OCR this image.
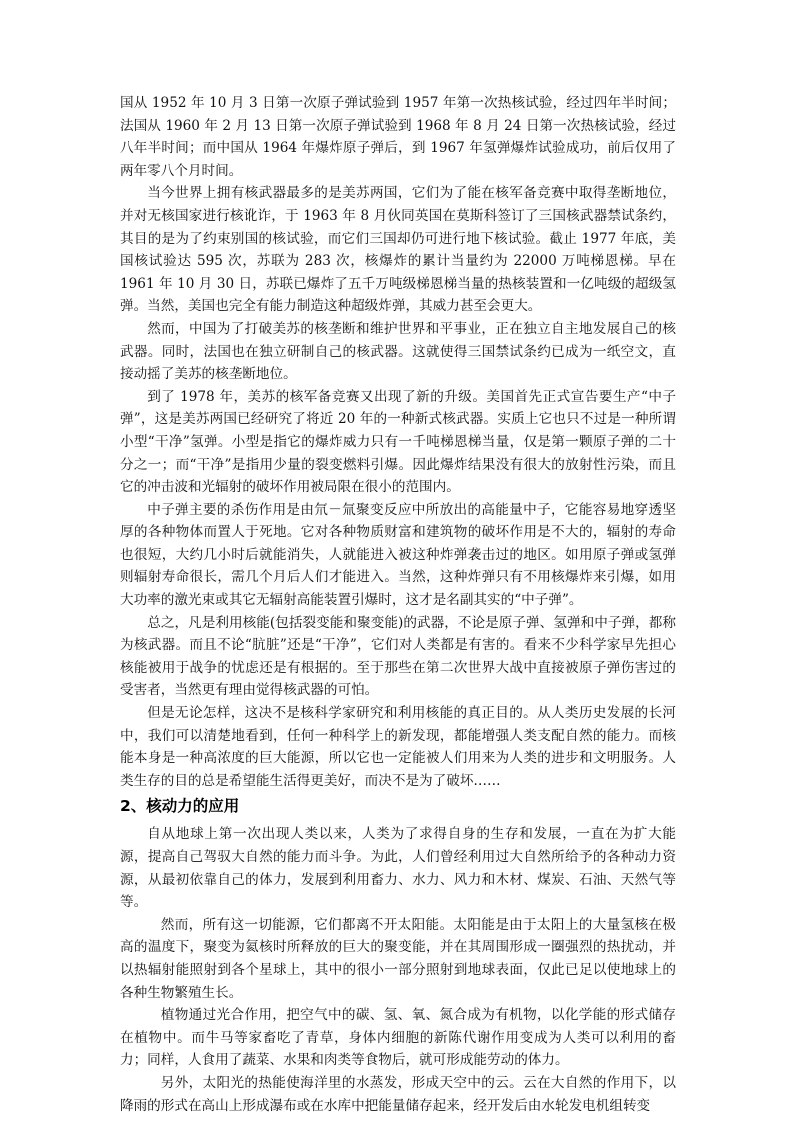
国从 1952 年 10 月 3 日第一次原子弹试验到 1957 年第一次热核试验，经过四年半时间；法国从 1960 年 2 月 13 日第一次原子弹试验到 1968 年 8 月 24 日第一次热核试验，经过八年半时间；而中国从 1964 年爆炸原子弹后，到 1967 年氢弹爆炸试验成功，前后仅用了两年零八个月时间。

当今世界上拥有核武器最多的是美苏两国，它们为了能在核军备竞赛中取得垄断地位，并对无核国家进行核讹诈，于 1963 年 8 月伙同英国在莫斯科签订了三国核武器禁试条约，其目的是为了约束别国的核试验，而它们三国却仍可进行地下核试验。截止 1977 年底，美国核试验达 595 次，苏联为 283 次，核爆炸的累计当量约为 22000 万吨梯恩梯。早在 1961 年 10 月 30 日，苏联已爆炸了五千万吨级梯恩梯当量的热核装置和一亿吨级的超级氢弹。当然，美国也完全有能力制造这种超级炸弹，其威力甚至会更大。

然而，中国为了打破美苏的核垄断和维护世界和平事业，正在独立自主地发展自己的核武器。同时，法国也在独立研制自己的核武器。这就使得三国禁试条约已成为一纸空文，直接动摇了美苏的核垄断地位。

到了 1978 年，美苏的核军备竞赛又出现了新的升级。美国首先正式宣告要生产“中子弹”，这是美苏两国已经研究了将近 20 年的一种新式核武器。实质上它也只不过是一种所谓小型“干净”氢弹。小型是指它的爆炸威力只有一千吨梯恩梯当量，仅是第一颗原子弹的二十分之一；而“干净”是指用少量的裂变燃料引爆。因此爆炸结果没有很大的放射性污染，而且它的冲击波和光辐射的破坏作用被局限在很小的范围内。

中子弹主要的杀伤作用是由氘－氚聚变反应中所放出的高能量中子，它能容易地穿透坚厚的各种物体而置人于死地。它对各种物质财富和建筑物的破坏作用是不大的，辐射的寿命也很短，大约几小时后就能消失，人就能进入被这种炸弹袭击过的地区。如用原子弹或氢弹则辐射寿命很长，需几个月后人们才能进入。当然，这种炸弹只有不用核爆炸来引爆，如用大功率的激光束或其它无辐射高能装置引爆时，这才是名副其实的“中子弹”。

总之，凡是利用核能(包括裂变能和聚变能)的武器，不论是原子弹、氢弹和中子弹，都称为核武器。而且不论“肮脏”还是“干净”，它们对人类都是有害的。看来不少科学家早先担心核能被用于战争的忧虑还是有根据的。至于那些在第二次世界大战中直接被原子弹伤害过的受害者，当然更有理由觉得核武器的可怕。

但是无论怎样，这决不是核科学家研究和利用核能的真正目的。从人类历史发展的长河中，我们可以清楚地看到，任何一种科学上的新发现，都能增强人类支配自然的能力。而核能本身是一种高浓度的巨大能源，所以它也一定能被人们用来为人类的进步和文明服务。人类生存的目的总是希望能生活得更美好，而决不是为了破坏……

2、核动力的应用

自从地球上第一次出现人类以来，人类为了求得自身的生存和发展，一直在为扩大能源，提高自己驾驭大自然的能力而斗争。为此，人们曾经利用过大自然所给予的各种动力资源，从最初依靠自己的体力，发展到利用畜力、水力、风力和木材、煤炭、石油、天然气等等。

然而，所有这一切能源，它们都离不开太阳能。太阳能是由于太阳上的大量氢核在极高的温度下，聚变为氦核时所释放的巨大的聚变能，并在其周围形成一圈强烈的热扰动，并以热辐射能照射到各个星球上，其中的很小一部分照射到地球表面，仅此已足以使地球上的各种生物繁殖生长。

植物通过光合作用，把空气中的碳、氢、氧、氮合成为有机物，以化学能的形式储存在植物中。而牛马等家畜吃了青草，身体内细胞的新陈代谢作用变成为人类可以利用的畜力；同样，人食用了蔬菜、水果和肉类等食物后，就可形成能劳动的体力。

另外，太阳光的热能使海洋里的水蒸发，形成天空中的云。云在大自然的作用下，以降雨的形式在高山上形成瀑布或在水库中把能量储存起来，经开发后由水轮发电机组转变
